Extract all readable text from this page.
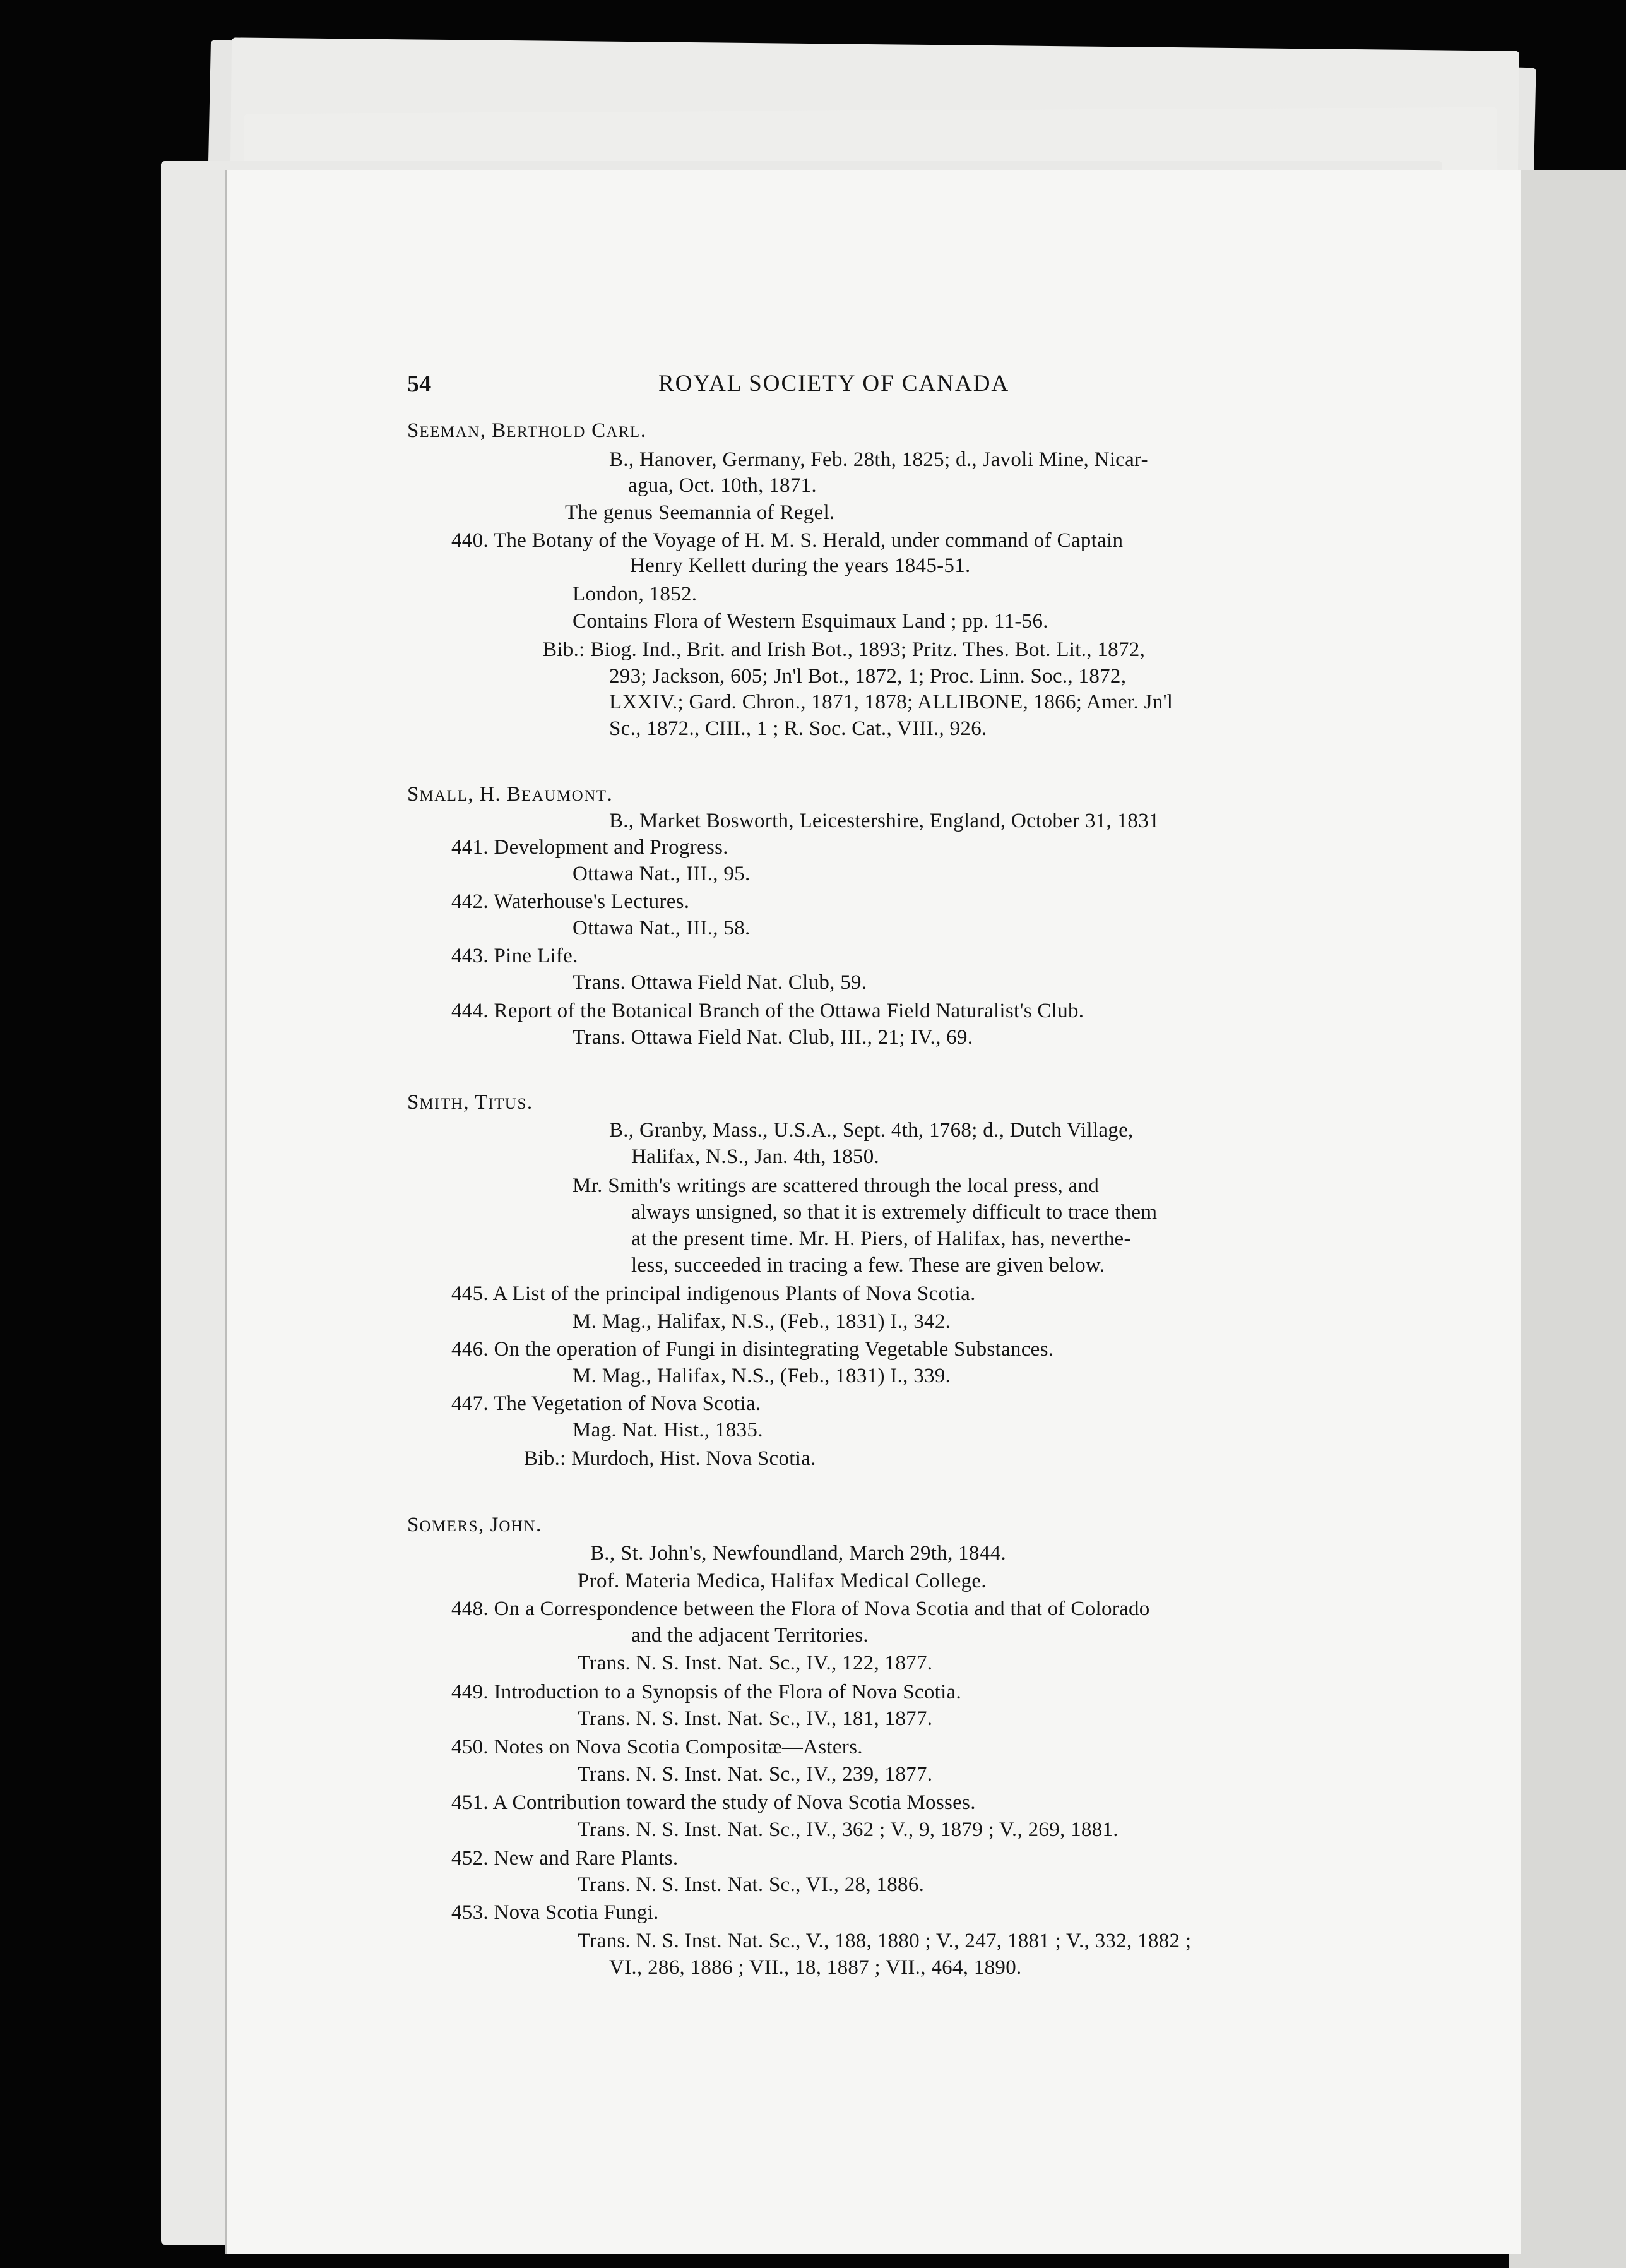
54	ROYAL SOCIETY OF CANADA
SEEMAN, BERTHOLD CARL.
B., Hanover, Germany, Feb. 28th, 1825; d., Javoli Mine, Nicar-
agua, Oct. 10th, 1871.
The genus Seemannia of Regel.
440. The Botany of the Voyage of H. M. S. Herald, under command of Captain
Henry Kellett during the years 1845-51.
London, 1852.
Contains Flora of Western Esquimaux Land ; pp. 11-56.
Bib.: Biog. Ind., Brit. and Irish Bot., 1893; Pritz. Thes. Bot. Lit., 1872,
293; Jackson, 605; Jn'l Bot., 1872, 1; Proc. Linn. Soc., 1872,
LXXIV.; Gard. Chron., 1871, 1878; ALLIBONE, 1866; Amer. Jn'l
Sc., 1872., CIII., 1 ; R. Soc. Cat., VIII., 926.
SMALL, H. BEAUMONT.
B., Market Bosworth, Leicestershire, England, October 31, 1831
441. Development and Progress.
Ottawa Nat., III., 95.
442. Waterhouse's Lectures.
Ottawa Nat., III., 58.
443. Pine Life.
Trans. Ottawa Field Nat. Club, 59.
444. Report of the Botanical Branch of the Ottawa Field Naturalist's Club.
Trans. Ottawa Field Nat. Club, III., 21; IV., 69.
SMITH, TITUS.
B., Granby, Mass., U.S.A., Sept. 4th, 1768; d., Dutch Village,
Halifax, N.S., Jan. 4th, 1850.
Mr. Smith's writings are scattered through the local press, and
always unsigned, so that it is extremely difficult to trace them
at the present time. Mr. H. Piers, of Halifax, has, neverthe-
less, succeeded in tracing a few. These are given below.
445. A List of the principal indigenous Plants of Nova Scotia.
M. Mag., Halifax, N.S., (Feb., 1831) I., 342.
446. On the operation of Fungi in disintegrating Vegetable Substances.
M. Mag., Halifax, N.S., (Feb., 1831) I., 339.
447. The Vegetation of Nova Scotia.
Mag. Nat. Hist., 1835.
Bib.: Murdoch, Hist. Nova Scotia.
SOMERS, JOHN.
B., St. John's, Newfoundland, March 29th, 1844.
Prof. Materia Medica, Halifax Medical College.
448. On a Correspondence between the Flora of Nova Scotia and that of Colorado
and the adjacent Territories.
Trans. N. S. Inst. Nat. Sc., IV., 122, 1877.
449. Introduction to a Synopsis of the Flora of Nova Scotia.
Trans. N. S. Inst. Nat. Sc., IV., 181, 1877.
450. Notes on Nova Scotia Compositæ—Asters.
Trans. N. S. Inst. Nat. Sc., IV., 239, 1877.
451. A Contribution toward the study of Nova Scotia Mosses.
Trans. N. S. Inst. Nat. Sc., IV., 362 ; V., 9, 1879 ; V., 269, 1881.
452. New and Rare Plants.
Trans. N. S. Inst. Nat. Sc., VI., 28, 1886.
453. Nova Scotia Fungi.
Trans. N. S. Inst. Nat. Sc., V., 188, 1880 ; V., 247, 1881 ; V., 332, 1882 ;
VI., 286, 1886 ; VII., 18, 1887 ; VII., 464, 1890.
